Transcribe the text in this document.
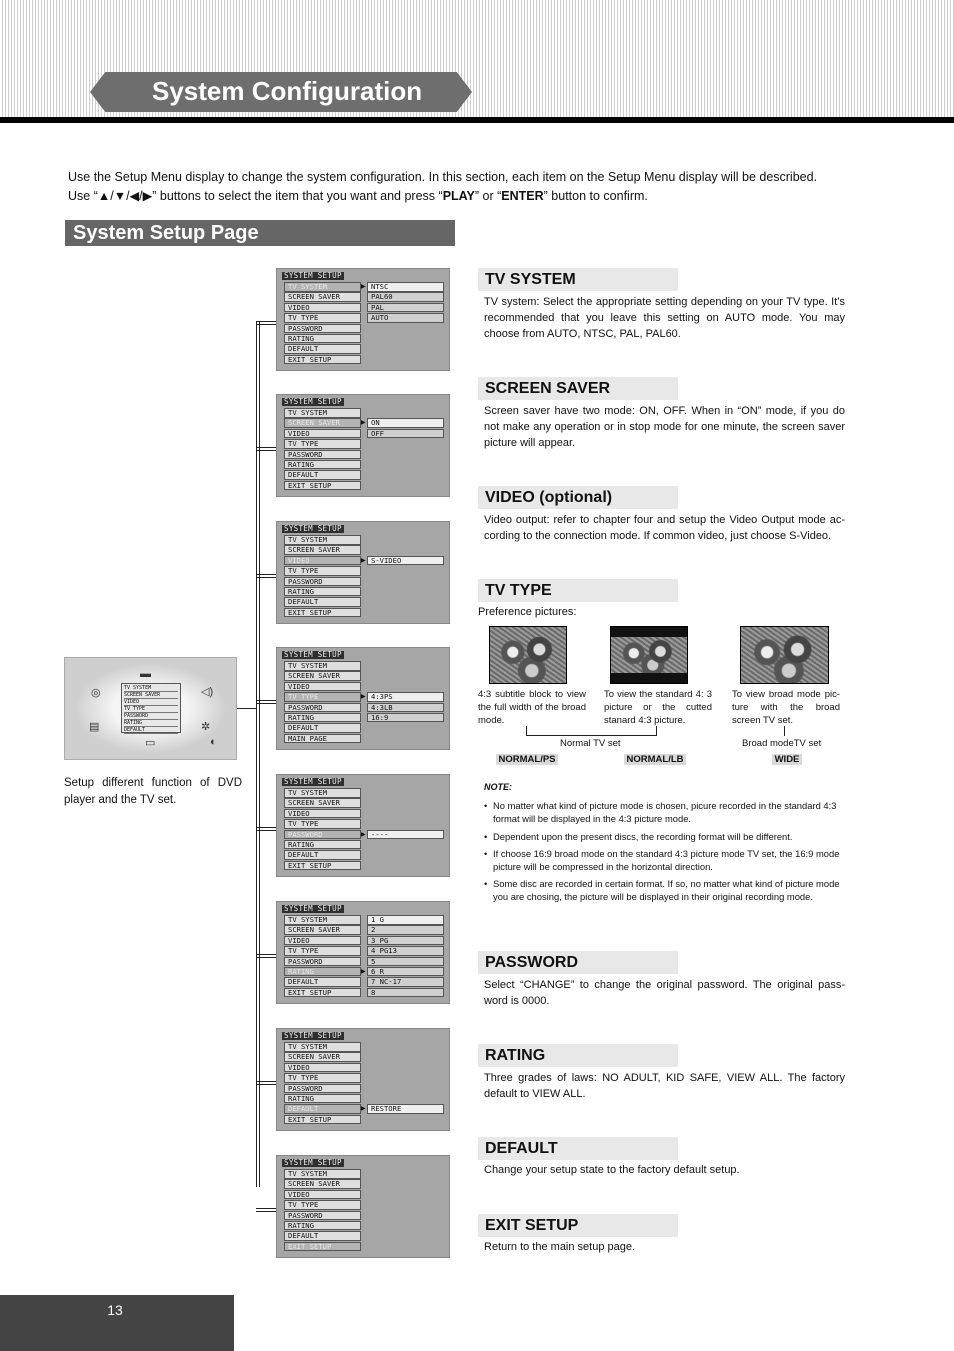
System Configuration
Use the Setup Menu display to change the system configuration. In this section, each item on the Setup Menu display will be described.
Use “▲/▼/◀/▶” buttons to select the item that you want and press “PLAY” or “ENTER” button to confirm.
System Setup Page
▬
◎	◁)
▤	✲
▭	◐
TV SYSTEM
SCREEN SAVER
VIDEO
TV TYPE
PASSWORD
RATING
DEFAULT
Setup different function of DVD player and the TV set.
SYSTEM SETUP
TV SYSTEM
SCREEN SAVER
VIDEO
TV TYPE
PASSWORD
RATING
DEFAULT
EXIT SETUP
▶ NTSC
PAL60
PAL
AUTO
SYSTEM SETUP
TV SYSTEM
SCREEN SAVER
VIDEO
TV TYPE
PASSWORD
RATING
DEFAULT
EXIT SETUP
▶ ON
OFF
SYSTEM SETUP
TV SYSTEM
SCREEN SAVER
VIDEO
TV TYPE
PASSWORD
RATING
DEFAULT
EXIT SETUP
▶ S-VIDEO
SYSTEM SETUP
TV SYSTEM
SCREEN SAVER
VIDEO
TV TYPE
PASSWORD
RATING
DEFAULT
MAIN PAGE
▶ 4:3PS
4:3LB
16:9
SYSTEM SETUP
TV SYSTEM
SCREEN SAVER
VIDEO
TV TYPE
PASSWORD
RATING
DEFAULT
EXIT SETUP
▶ ----
SYSTEM SETUP
TV SYSTEM
SCREEN SAVER
VIDEO
TV TYPE
PASSWORD
RATING
DEFAULT
EXIT SETUP
▶
1 G
2
3 PG
4 PG13
5
6 R
7 NC-17
8
SYSTEM SETUP
TV SYSTEM
SCREEN SAVER
VIDEO
TV TYPE
PASSWORD
RATING
DEFAULT
EXIT SETUP
▶ RESTORE
SYSTEM SETUP
TV SYSTEM
SCREEN SAVER
VIDEO
TV TYPE
PASSWORD
RATING
DEFAULT
EXIT SETUP
TV SYSTEM
TV system: Select the appropriate setting depending on your TV type. It’s recommended that you leave this setting on AUTO mode. You may choose from AUTO, NTSC, PAL, PAL60.
SCREEN SAVER
Screen saver have two mode: ON, OFF. When in “ON” mode, if you do not make any operation or in stop mode for one minute, the screen saver picture will appear.
VIDEO (optional)
Video output: refer to chapter four and setup the Video Output mode ac-cording to the connection mode. If common video, just choose S-Video.
TV TYPE
Preference pictures:
4:3 subtitle block to view the full width of the broad mode.
To view the standard 4: 3 picture or the cutted stanard 4:3 picture.
To view broad mode pic-ture with the broad screen TV set.
Normal TV set	Broad modeTV set
NORMAL/PS	NORMAL/LB	WIDE
NOTE:
• No matter what kind of picture mode is chosen, picure recorded in the standard 4:3 format will be displayed in the 4:3 picture mode.
• Dependent upon the present discs, the recording format will be different.
• If choose 16:9 broad mode on the standard 4:3 picture mode TV set, the 16:9 mode picture will be compressed in the horizontal direction.
• Some disc are recorded in certain format. If so, no matter what kind of picture mode you are chosing, the picture will be displayed in their original recording mode.
PASSWORD
Select “CHANGE” to change the original password. The original pass-word is 0000.
RATING
Three grades of laws: NO ADULT, KID SAFE, VIEW ALL. The factory default to VIEW ALL.
DEFAULT
Change your setup state to the factory default setup.
EXIT SETUP
Return to the main setup page.
13
